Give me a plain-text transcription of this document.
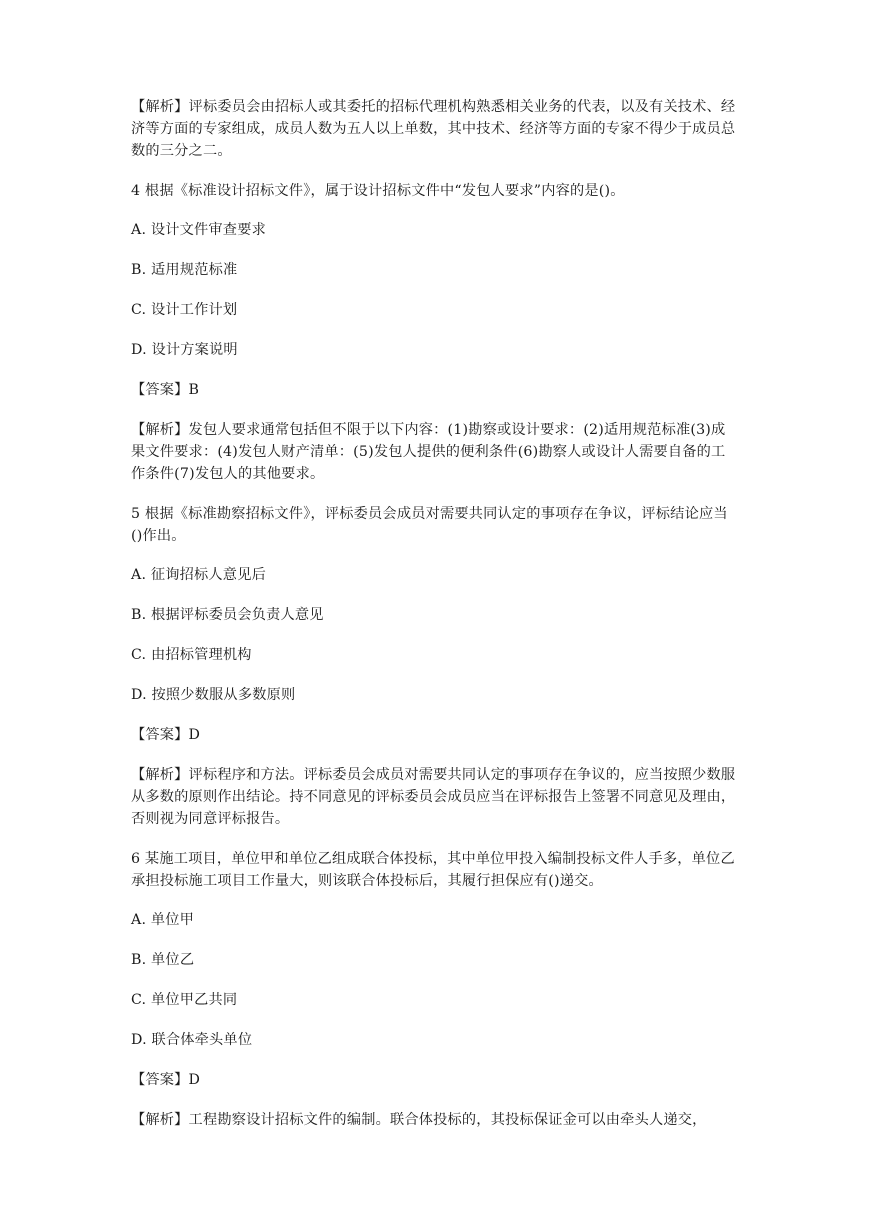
【解析】评标委员会由招标人或其委托的招标代理机构熟悉相关业务的代表，以及有关技术、经济等方面的专家组成，成员人数为五人以上单数，其中技术、经济等方面的专家不得少于成员总数的三分之二。

4 根据《标准设计招标文件》，属于设计招标文件中“发包人要求”内容的是()。

A. 设计文件审查要求

B. 适用规范标准

C. 设计工作计划

D. 设计方案说明

【答案】B

【解析】发包人要求通常包括但不限于以下内容：(1)勘察或设计要求：(2)适用规范标准(3)成果文件要求：(4)发包人财产清单：(5)发包人提供的便利条件(6)勘察人或设计人需要自备的工作条件(7)发包人的其他要求。

5 根据《标准勘察招标文件》，评标委员会成员对需要共同认定的事项存在争议，评标结论应当()作出。

A. 征询招标人意见后

B. 根据评标委员会负责人意见

C. 由招标管理机构

D. 按照少数服从多数原则

【答案】D

【解析】评标程序和方法。评标委员会成员对需要共同认定的事项存在争议的，应当按照少数服从多数的原则作出结论。持不同意见的评标委员会成员应当在评标报告上签署不同意见及理由，否则视为同意评标报告。

6 某施工项目，单位甲和单位乙组成联合体投标，其中单位甲投入编制投标文件人手多，单位乙承担投标施工项目工作量大，则该联合体投标后，其履行担保应有()递交。

A. 单位甲

B. 单位乙

C. 单位甲乙共同

D. 联合体牵头单位

【答案】D

【解析】工程勘察设计招标文件的编制。联合体投标的，其投标保证金可以由牵头人递交，
